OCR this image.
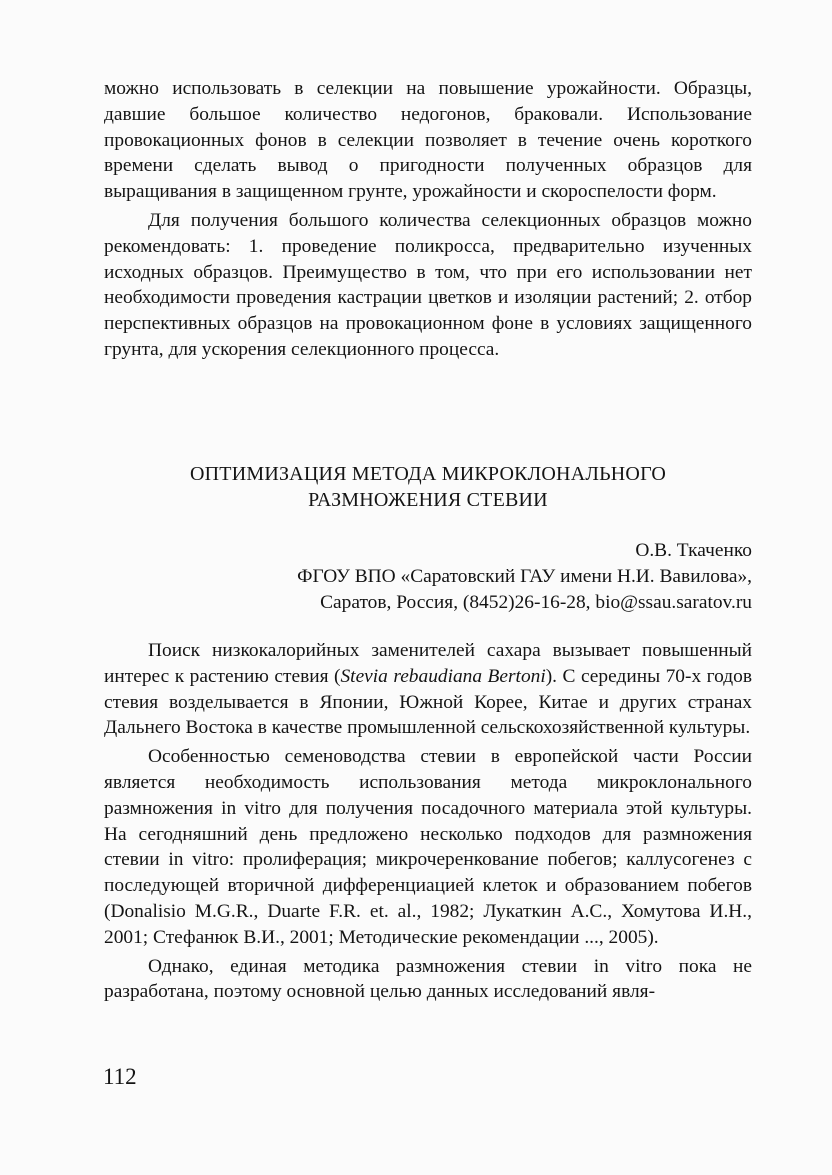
можно использовать в селекции на повышение урожайности. Образцы, давшие большое количество недогонов, браковали. Использование провокационных фонов в селекции позволяет в течение очень короткого времени сделать вывод о пригодности полученных образцов для выращивания в защищенном грунте, урожайности и скороспелости форм.

Для получения большого количества селекционных образцов можно рекомендовать: 1. проведение поликросса, предварительно изученных исходных образцов. Преимущество в том, что при его использовании нет необходимости проведения кастрации цветков и изоляции растений; 2. отбор перспективных образцов на провокационном фоне в условиях защищенного грунта, для ускорения селекционного процесса.

ОПТИМИЗАЦИЯ МЕТОДА МИКРОКЛОНАЛЬНОГО
РАЗМНОЖЕНИЯ СТЕВИИ
О.В. Ткаченко
ФГОУ ВПО «Саратовский ГАУ имени Н.И. Вавилова»,
Саратов, Россия, (8452)26-16-28, bio@ssau.saratov.ru

Поиск низкокалорийных заменителей сахара вызывает повышенный интерес к растению стевия (Stevia rebaudiana Bertoni). С середины 70-х годов стевия возделывается в Японии, Южной Корее, Китае и других странах Дальнего Востока в качестве промышленной сельскохозяйственной культуры.

Особенностью семеноводства стевии в европейской части России является необходимость использования метода микроклонального размножения in vitro для получения посадочного материала этой культуры. На сегодняшний день предложено несколько подходов для размножения стевии in vitro: пролиферация; микрочеренкование побегов; каллусогенез с последующей вторичной дифференциацией клеток и образованием побегов (Donalisio M.G.R., Duarte F.R. et. al., 1982; Лукаткин А.С., Хомутова И.Н., 2001; Стефанюк В.И., 2001; Методические рекомендации ..., 2005).

Однако, единая методика размножения стевии in vitro пока не разработана, поэтому основной целью данных исследований явля-

112
